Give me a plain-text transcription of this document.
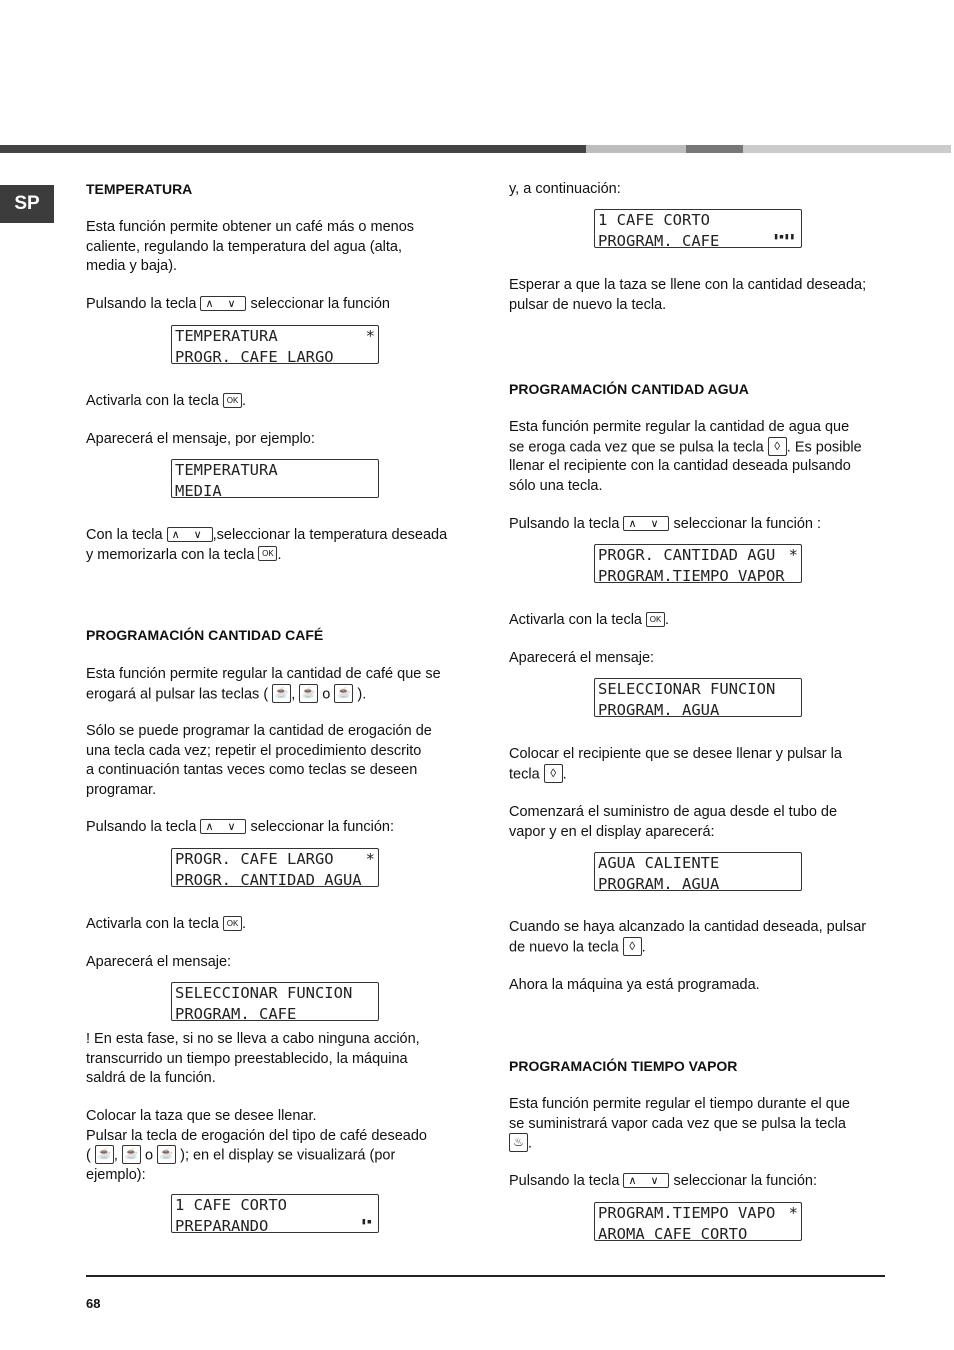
SP
TEMPERATURA
Esta función permite obtener un café más o menos
caliente, regulando la temperatura del agua (alta,
media y baja).
Pulsando la tecla ∧∨ seleccionar la función
TEMPERATURA	*
PROGR. CAFE LARGO
Activarla con la tecla OK .
Aparecerá el mensaje, por ejemplo:
TEMPERATURA
MEDIA
Con la tecla ∧∨,seleccionar la temperatura deseada
y memorizarla con la tecla OK .
PROGRAMACIÓN CANTIDAD CAFÉ
Esta función permite regular la cantidad de café que se
erogará al pulsar las teclas ( ☕ , ☕ o ☕ ).
Sólo se puede programar la cantidad de erogación de
una tecla cada vez; repetir el procedimiento descrito
a continuación tantas veces como teclas se deseen
programar.
Pulsando la tecla ∧∨ seleccionar la función:
PROGR. CAFE LARGO	*
PROGR. CANTIDAD AGUA
Activarla con la tecla OK .
Aparecerá el mensaje:
SELECCIONAR FUNCION
PROGRAM. CAFE
! En esta fase, si no se lleva a cabo ninguna acción,
transcurrido un tiempo preestablecido, la máquina
saldrá de la función.
Colocar la taza que se desee llenar.
Pulsar la tecla de erogación del tipo de café deseado
( ☕ , ☕ o ☕ ); en el display se visualizará (por
ejemplo):
1 CAFE CORTO
PREPARANDO	▮▪
y, a continuación:
1 CAFE CORTO
PROGRAM. CAFE	▮▪▮▮
Esperar a que la taza se llene con la cantidad deseada;
pulsar de nuevo la tecla.
PROGRAMACIÓN CANTIDAD AGUA
Esta función permite regular la cantidad de agua que
se eroga cada vez que se pulsa la tecla ◊ . Es posible
llenar el recipiente con la cantidad deseada pulsando
sólo una tecla.
Pulsando la tecla ∧∨ seleccionar la función :
PROGR. CANTIDAD AGU *
PROGRAM.TIEMPO VAPOR
Activarla con la tecla OK .
Aparecerá el mensaje:
SELECCIONAR FUNCION
PROGRAM. AGUA
Colocar el recipiente que se desee llenar y pulsar la
tecla ◊ .
Comenzará el suministro de agua desde el tubo de
vapor y en el display aparecerá:
AGUA CALIENTE
PROGRAM. AGUA
Cuando se haya alcanzado la cantidad deseada, pulsar
de nuevo la tecla ◊ .
Ahora la máquina ya está programada.
PROGRAMACIÓN TIEMPO VAPOR
Esta función permite regular el tiempo durante el que
se suministrará vapor cada vez que se pulsa la tecla
♨ .
Pulsando la tecla ∧∨ seleccionar la función:
PROGRAM.TIEMPO VAPO *
AROMA CAFE CORTO
68
